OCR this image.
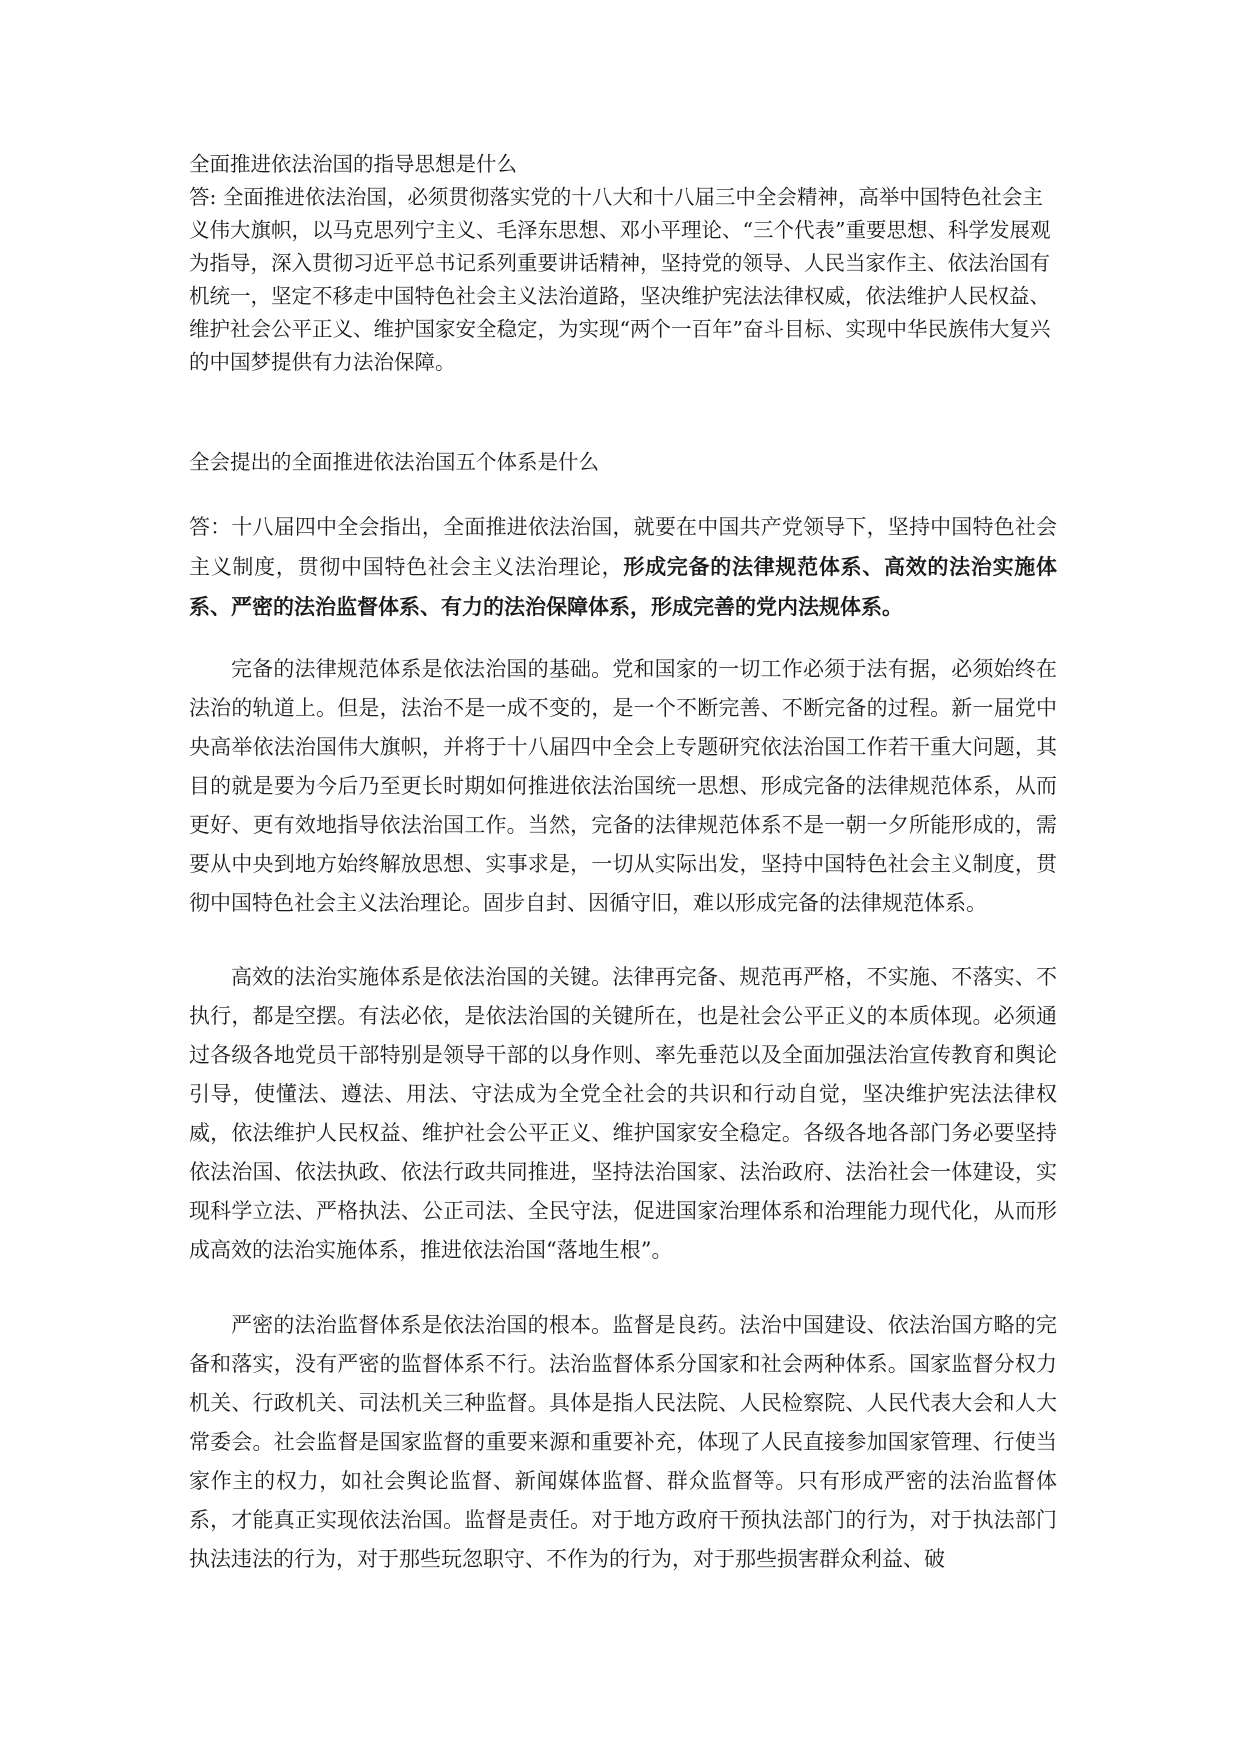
全面推进依法治国的指导思想是什么

答: 全面推进依法治国，必须贯彻落实党的十八大和十八届三中全会精神，高举中国特色社会主义伟大旗帜，以马克思列宁主义、毛泽东思想、邓小平理论、“三个代表”重要思想、科学发展观为指导，深入贯彻习近平总书记系列重要讲话精神，坚持党的领导、人民当家作主、依法治国有机统一，坚定不移走中国特色社会主义法治道路，坚决维护宪法法律权威，依法维护人民权益、维护社会公平正义、维护国家安全稳定，为实现“两个一百年”奋斗目标、实现中华民族伟大复兴的中国梦提供有力法治保障。

全会提出的全面推进依法治国五个体系是什么

答：十八届四中全会指出，全面推进依法治国，就要在中国共产党领导下，坚持中国特色社会主义制度，贯彻中国特色社会主义法治理论，形成完备的法律规范体系、高效的法治实施体系、严密的法治监督体系、有力的法治保障体系，形成完善的党内法规体系。

完备的法律规范体系是依法治国的基础。党和国家的一切工作必须于法有据，必须始终在法治的轨道上。但是，法治不是一成不变的，是一个不断完善、不断完备的过程。新一届党中央高举依法治国伟大旗帜，并将于十八届四中全会上专题研究依法治国工作若干重大问题，其目的就是要为今后乃至更长时期如何推进依法治国统一思想、形成完备的法律规范体系，从而更好、更有效地指导依法治国工作。当然，完备的法律规范体系不是一朝一夕所能形成的，需要从中央到地方始终解放思想、实事求是，一切从实际出发，坚持中国特色社会主义制度，贯彻中国特色社会主义法治理论。固步自封、因循守旧，难以形成完备的法律规范体系。

高效的法治实施体系是依法治国的关键。法律再完备、规范再严格，不实施、不落实、不执行，都是空摆。有法必依，是依法治国的关键所在，也是社会公平正义的本质体现。必须通过各级各地党员干部特别是领导干部的以身作则、率先垂范以及全面加强法治宣传教育和舆论引导，使懂法、遵法、用法、守法成为全党全社会的共识和行动自觉，坚决维护宪法法律权威，依法维护人民权益、维护社会公平正义、维护国家安全稳定。各级各地各部门务必要坚持依法治国、依法执政、依法行政共同推进，坚持法治国家、法治政府、法治社会一体建设，实现科学立法、严格执法、公正司法、全民守法，促进国家治理体系和治理能力现代化，从而形成高效的法治实施体系，推进依法治国“落地生根”。

严密的法治监督体系是依法治国的根本。监督是良药。法治中国建设、依法治国方略的完备和落实，没有严密的监督体系不行。法治监督体系分国家和社会两种体系。国家监督分权力机关、行政机关、司法机关三种监督。具体是指人民法院、人民检察院、人民代表大会和人大常委会。社会监督是国家监督的重要来源和重要补充，体现了人民直接参加国家管理、行使当家作主的权力，如社会舆论监督、新闻媒体监督、群众监督等。只有形成严密的法治监督体系，才能真正实现依法治国。监督是责任。对于地方政府干预执法部门的行为，对于执法部门执法违法的行为，对于那些玩忽职守、不作为的行为，对于那些损害群众利益、破
